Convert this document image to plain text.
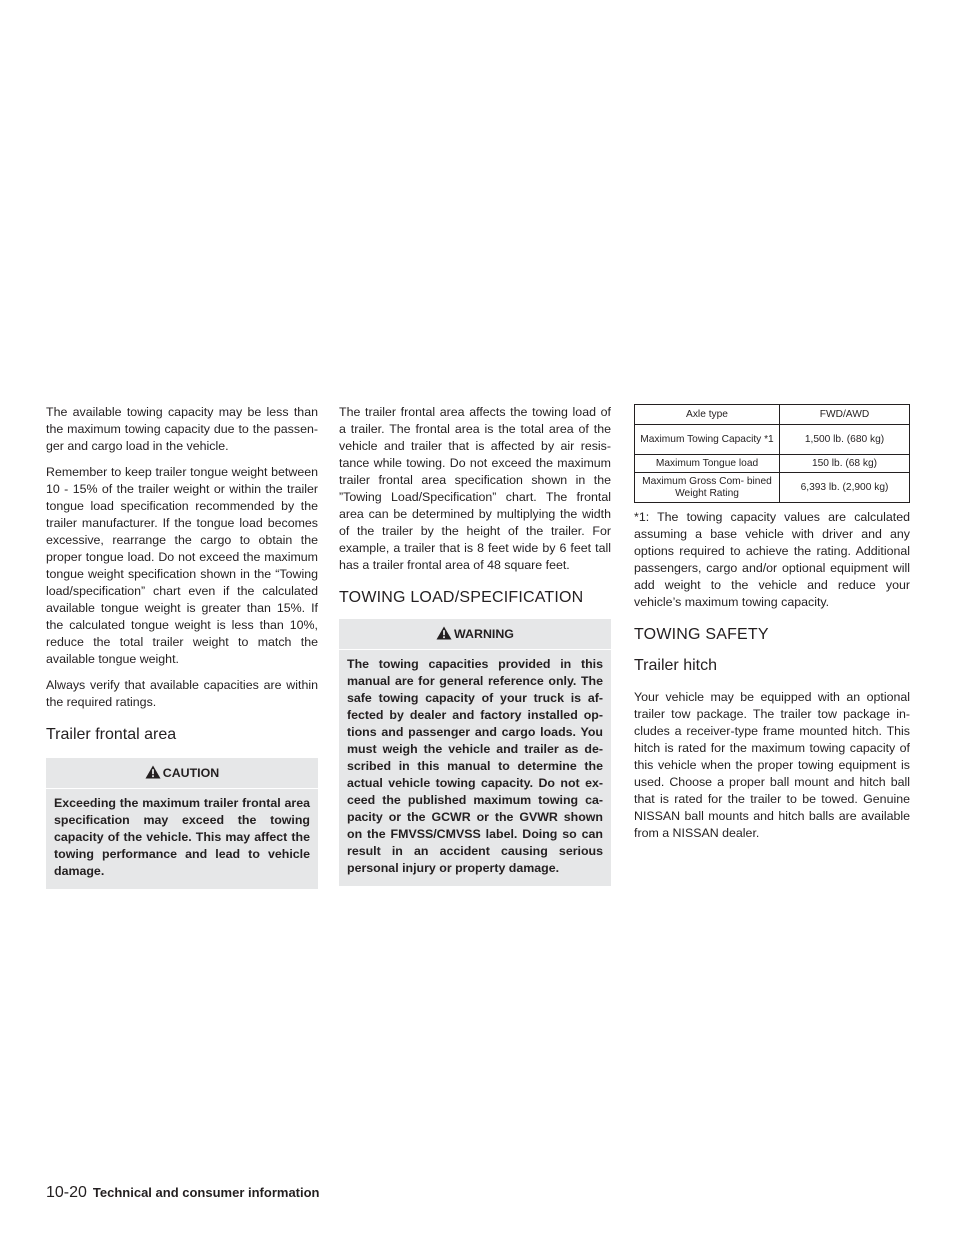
The available towing capacity may be less than the maximum towing capacity due to the passenger and cargo load in the vehicle.

Remember to keep trailer tongue weight between 10 - 15% of the trailer weight or within the trailer tongue load specification recommended by the trailer manufacturer. If the tongue load becomes excessive, rearrange the cargo to obtain the proper tongue load. Do not exceed the maximum tongue weight specification shown in the “Towing load/specification” chart even if the calculated available tongue weight is greater than 15%. If the calculated tongue weight is less than 10%, reduce the total trailer weight to match the available tongue weight.

Always verify that available capacities are within the required ratings.

Trailer frontal area
CAUTION

Exceeding the maximum trailer frontal area specification may exceed the towing capacity of the vehicle. This may affect the towing performance and lead to vehicle damage.

The trailer frontal area affects the towing load of a trailer. The frontal area is the total area of the vehicle and trailer that is affected by air resistance while towing. Do not exceed the maximum trailer frontal area specification shown in the ”Towing Load/Specification” chart. The frontal area can be determined by multiplying the width of the trailer by the height of the trailer. For example, a trailer that is 8 feet wide by 6 feet tall has a trailer frontal area of 48 square feet.

TOWING LOAD/SPECIFICATION
WARNING

The towing capacities provided in this manual are for general reference only. The safe towing capacity of your truck is affected by dealer and factory installed options and passenger and cargo loads. You must weigh the vehicle and trailer as described in this manual to determine the actual vehicle towing capacity. Do not exceed the published maximum towing capacity or the GCWR or the GVWR shown on the FMVSS/CMVSS label. Doing so can result in an accident causing serious personal injury or property damage.

Axle type	FWD/AWD
Maximum Towing Capacity *1	1,500 lb. (680 kg)
Maximum Tongue load	150 lb. (68 kg)
Maximum Gross Com- bined Weight Rating	6,393 lb. (2,900 kg)

*1: The towing capacity values are calculated assuming a base vehicle with driver and any options required to achieve the rating. Additional passengers, cargo and/or optional equipment will add weight to the vehicle and reduce your vehicle’s maximum towing capacity.

TOWING SAFETY
Trailer hitch

Your vehicle may be equipped with an optional trailer tow package. The trailer tow package includes a receiver-type frame mounted hitch. This hitch is rated for the maximum towing capacity of this vehicle when the proper towing equipment is used. Choose a proper ball mount and hitch ball that is rated for the trailer to be towed. Genuine NISSAN ball mounts and hitch balls are available from a NISSAN dealer.

10-20 Technical and consumer information
